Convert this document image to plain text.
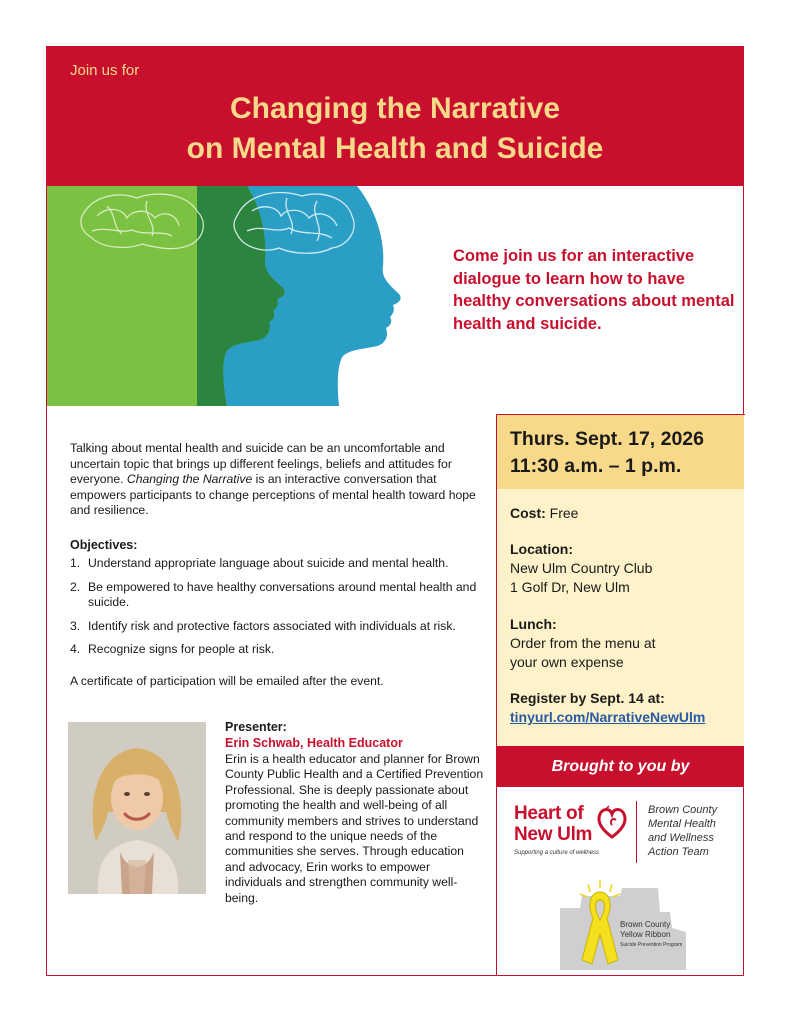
Join us for
Changing the Narrative
on Mental Health and Suicide
Come join us for an interactive dialogue to learn how to have healthy conversations about mental health and suicide.
Talking about mental health and suicide can be an uncomfortable and uncertain topic that brings up different feelings, beliefs and attitudes for everyone. Changing the Narrative is an interactive conversation that empowers participants to change perceptions of mental health toward hope and resilience.
Objectives:
1. Understand appropriate language about suicide and mental health.
2. Be empowered to have healthy conversations around mental health and suicide.
3. Identify risk and protective factors associated with individuals at risk.
4. Recognize signs for people at risk.
A certificate of participation will be emailed after the event.
Presenter:
Erin Schwab, Health Educator
Erin is a health educator and planner for Brown County Public Health and a Certified Prevention Professional. She is deeply passionate about promoting the health and well-being of all community members and strives to understand and respond to the unique needs of the communities she serves. Through education and advocacy, Erin works to empower individuals and strengthen community well-being.
Thurs. Sept. 17, 2026
11:30 a.m. – 1 p.m.
Cost: Free
Location:
New Ulm Country Club
1 Golf Dr, New Ulm
Lunch:
Order from the menu at
your own expense
Register by Sept. 14 at:
tinyurl.com/NarrativeNewUlm
Brought to you by
Heart of
New Ulm
Supporting a culture of wellness
Brown County
Mental Health
and Wellness
Action Team
Brown County
Yellow Ribbon
Suicide Prevention Program
